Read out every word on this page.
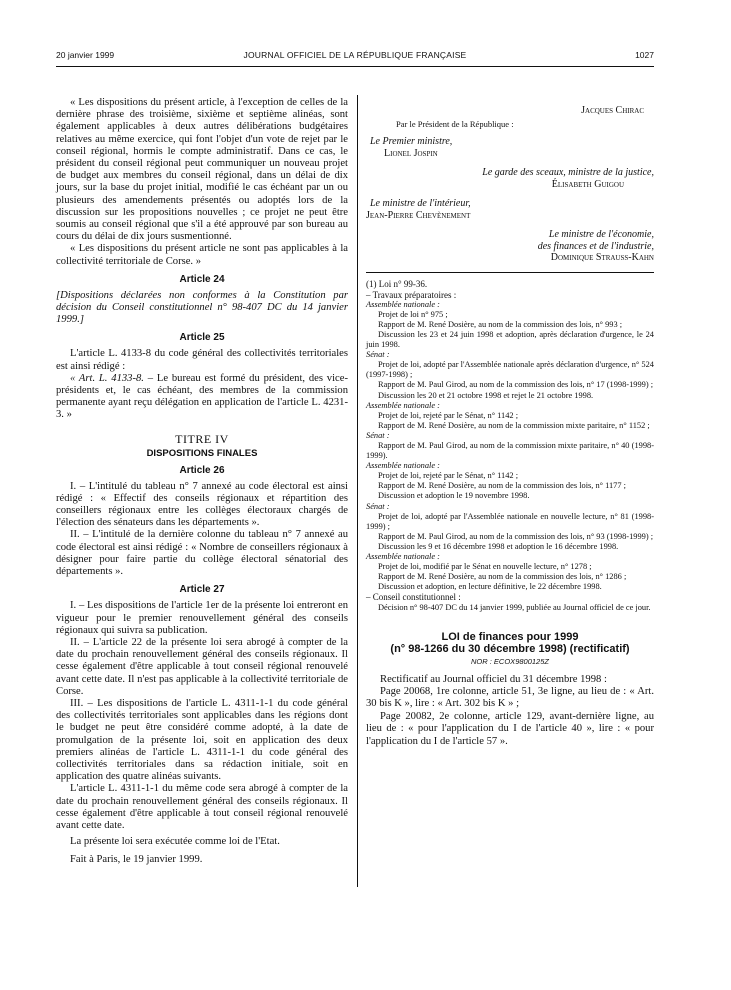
20 janvier 1999	JOURNAL OFFICIEL DE LA RÉPUBLIQUE FRANÇAISE	1027

« Les dispositions du présent article, à l'exception de celles de la dernière phrase des troisième, sixième et septième alinéas, sont également applicables à deux autres délibérations budgétaires relatives au même exercice, qui font l'objet d'un vote de rejet par le conseil régional, hormis le compte administratif. Dans ce cas, le président du conseil régional peut communiquer un nouveau projet de budget aux membres du conseil régional, dans un délai de dix jours, sur la base du projet initial, modifié le cas échéant par un ou plusieurs des amendements présentés ou adoptés lors de la discussion sur les propositions nouvelles ; ce projet ne peut être soumis au conseil régional que s'il a été approuvé par son bureau au cours du délai de dix jours susmentionné.

« Les dispositions du présent article ne sont pas applicables à la collectivité territoriale de Corse. »

Article 24

[Dispositions déclarées non conformes à la Constitution par décision du Conseil constitutionnel n° 98-407 DC du 14 janvier 1999.]

Article 25

L'article L. 4133-8 du code général des collectivités territoriales est ainsi rédigé :

« Art. L. 4133-8. – Le bureau est formé du président, des vice-présidents et, le cas échéant, des membres de la commission permanente ayant reçu délégation en application de l'article L. 4231-3. »

TITRE IV
DISPOSITIONS FINALES
Article 26

I. – L'intitulé du tableau n° 7 annexé au code électoral est ainsi rédigé : « Effectif des conseils régionaux et répartition des conseillers régionaux entre les collèges électoraux chargés de l'élection des sénateurs dans les départements ».

II. – L'intitulé de la dernière colonne du tableau n° 7 annexé au code électoral est ainsi rédigé : « Nombre de conseillers régionaux à désigner pour faire partie du collège électoral sénatorial des départements ».

Article 27

I. – Les dispositions de l'article 1er de la présente loi entreront en vigueur pour le premier renouvellement général des conseils régionaux qui suivra sa publication.

II. – L'article 22 de la présente loi sera abrogé à compter de la date du prochain renouvellement général des conseils régionaux. Il cesse également d'être applicable à tout conseil régional renouvelé avant cette date. Il n'est pas applicable à la collectivité territoriale de Corse.

III. – Les dispositions de l'article L. 4311-1-1 du code général des collectivités territoriales sont applicables dans les régions dont le budget ne peut être considéré comme adopté, à la date de promulgation de la présente loi, soit en application des deux premiers alinéas de l'article L. 4311-1-1 du code général des collectivités territoriales dans sa rédaction initiale, soit en application des quatre alinéas suivants.

L'article L. 4311-1-1 du même code sera abrogé à compter de la date du prochain renouvellement général des conseils régionaux. Il cesse également d'être applicable à tout conseil régional renouvelé avant cette date.

La présente loi sera exécutée comme loi de l'Etat.

Fait à Paris, le 19 janvier 1999.

Jacques Chirac
Par le Président de la République :
Le Premier ministre,
Lionel Jospin
Le garde des sceaux, ministre de la justice,
Élisabeth Guigou
Le ministre de l'intérieur,
Jean-Pierre Chevènement
Le ministre de l'économie,
des finances et de l'industrie,
Dominique Strauss-Kahn

(1) Loi n° 99-36.

– Travaux préparatoires :

Assemblée nationale :

Projet de loi n° 975 ;

Rapport de M. René Dosière, au nom de la commission des lois, n° 993 ;

Discussion les 23 et 24 juin 1998 et adoption, après déclaration d'urgence, le 24 juin 1998.

Sénat :

Projet de loi, adopté par l'Assemblée nationale après déclaration d'urgence, n° 524 (1997-1998) ;

Rapport de M. Paul Girod, au nom de la commission des lois, n° 17 (1998-1999) ;

Discussion les 20 et 21 octobre 1998 et rejet le 21 octobre 1998.

Assemblée nationale :

Projet de loi, rejeté par le Sénat, n° 1142 ;

Rapport de M. René Dosière, au nom de la commission mixte paritaire, n° 1152 ;

Sénat :

Rapport de M. Paul Girod, au nom de la commission mixte paritaire, n° 40 (1998-1999).

Assemblée nationale :

Projet de loi, rejeté par le Sénat, n° 1142 ;

Rapport de M. René Dosière, au nom de la commission des lois, n° 1177 ;

Discussion et adoption le 19 novembre 1998.

Sénat :

Projet de loi, adopté par l'Assemblée nationale en nouvelle lecture, n° 81 (1998-1999) ;

Rapport de M. Paul Girod, au nom de la commission des lois, n° 93 (1998-1999) ;

Discussion les 9 et 16 décembre 1998 et adoption le 16 décembre 1998.

Assemblée nationale :

Projet de loi, modifié par le Sénat en nouvelle lecture, n° 1278 ;

Rapport de M. René Dosière, au nom de la commission des lois, n° 1286 ;

Discussion et adoption, en lecture définitive, le 22 décembre 1998.

– Conseil constitutionnel :

Décision n° 98-407 DC du 14 janvier 1999, publiée au Journal officiel de ce jour.

LOI de finances pour 1999
(n° 98-1266 du 30 décembre 1998) (rectificatif)
NOR : ECOX9800125Z

Rectificatif au Journal officiel du 31 décembre 1998 :

Page 20068, 1re colonne, article 51, 3e ligne, au lieu de : « Art. 30 bis K », lire : « Art. 302 bis K » ;

Page 20082, 2e colonne, article 129, avant-dernière ligne, au lieu de : « pour l'application du I de l'article 40 », lire : « pour l'application du I de l'article 57 ».
